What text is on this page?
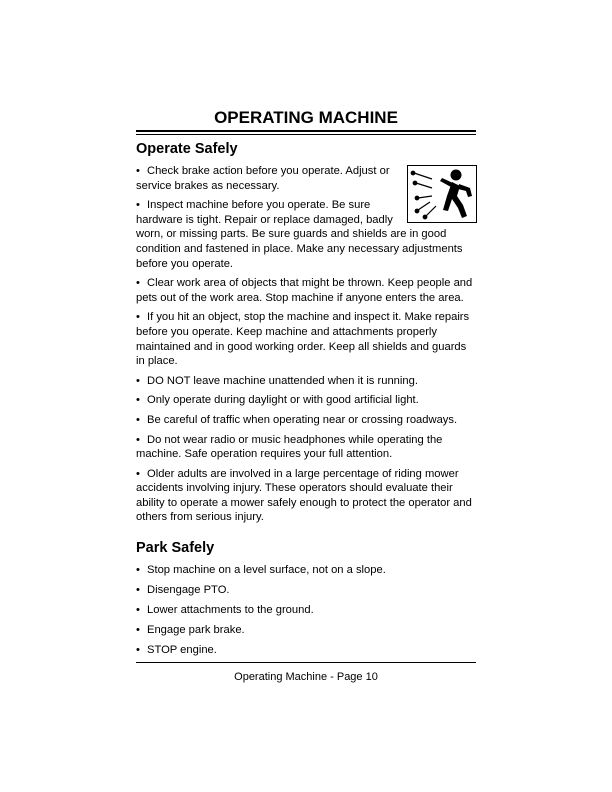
OPERATING MACHINE
Operate Safely

• Check brake action before you operate. Adjust or service brakes as necessary.

• Inspect machine before you operate. Be sure hardware is tight. Repair or replace damaged, badly worn, or missing parts. Be sure guards and shields are in good condition and fastened in place. Make any necessary adjustments before you operate.

• Clear work area of objects that might be thrown. Keep people and pets out of the work area. Stop machine if anyone enters the area.

• If you hit an object, stop the machine and inspect it. Make repairs before you operate. Keep machine and attachments properly maintained and in good working order. Keep all shields and guards in place.

• DO NOT leave machine unattended when it is running.

• Only operate during daylight or with good artificial light.

• Be careful of traffic when operating near or crossing roadways.

• Do not wear radio or music headphones while operating the machine. Safe operation requires your full attention.

• Older adults are involved in a large percentage of riding mower accidents involving injury. These operators should evaluate their ability to operate a mower safely enough to protect the operator and others from serious injury.

Park Safely

• Stop machine on a level surface, not on a slope.

• Disengage PTO.

• Lower attachments to the ground.

• Engage park brake.

• STOP engine.

Operating Machine - Page 10
